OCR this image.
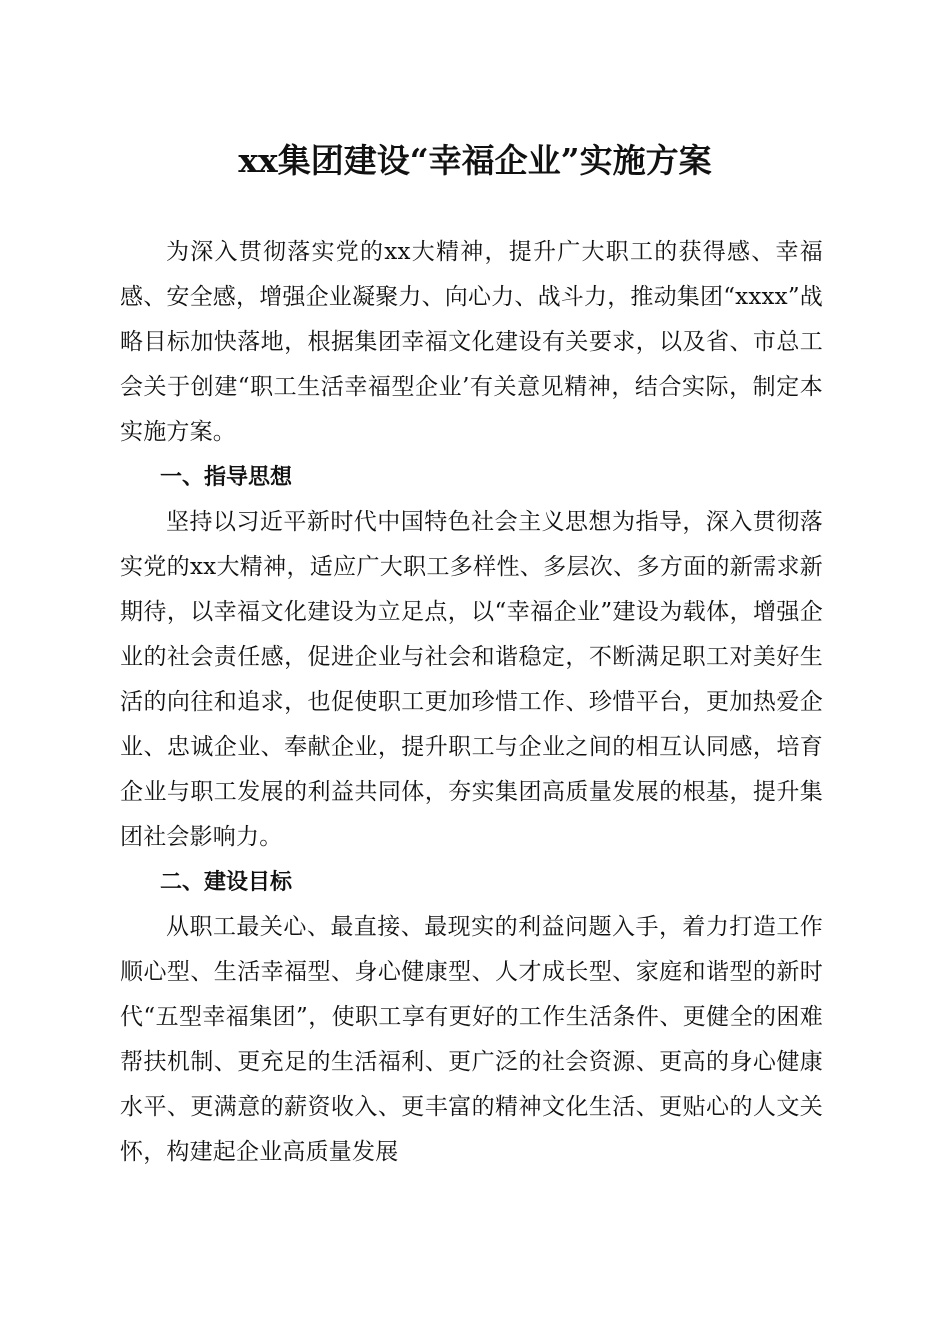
xx集团建设“幸福企业”实施方案

为深入贯彻落实党的xx大精神，提升广大职工的获得感、幸福感、安全感，增强企业凝聚力、向心力、战斗力，推动集团“xxxx”战略目标加快落地，根据集团幸福文化建设有关要求，以及省、市总工会关于创建“职工生活幸福型企业’有关意见精神，结合实际，制定本实施方案。

一、指导思想

坚持以习近平新时代中国特色社会主义思想为指导，深入贯彻落实党的xx大精神，适应广大职工多样性、多层次、多方面的新需求新期待，以幸福文化建设为立足点，以“幸福企业”建设为载体，增强企业的社会责任感，促进企业与社会和谐稳定，不断满足职工对美好生活的向往和追求，也促使职工更加珍惜工作、珍惜平台，更加热爱企业、忠诚企业、奉献企业，提升职工与企业之间的相互认同感，培育企业与职工发展的利益共同体，夯实集团高质量发展的根基，提升集团社会影响力。

二、建设目标

从职工最关心、最直接、最现实的利益问题入手，着力打造工作顺心型、生活幸福型、身心健康型、人才成长型、家庭和谐型的新时代“五型幸福集团”，使职工享有更好的工作生活条件、更健全的困难帮扶机制、更充足的生活福利、更广泛的社会资源、更高的身心健康水平、更满意的薪资收入、更丰富的精神文化生活、更贴心的人文关怀，构建起企业高质量发展
